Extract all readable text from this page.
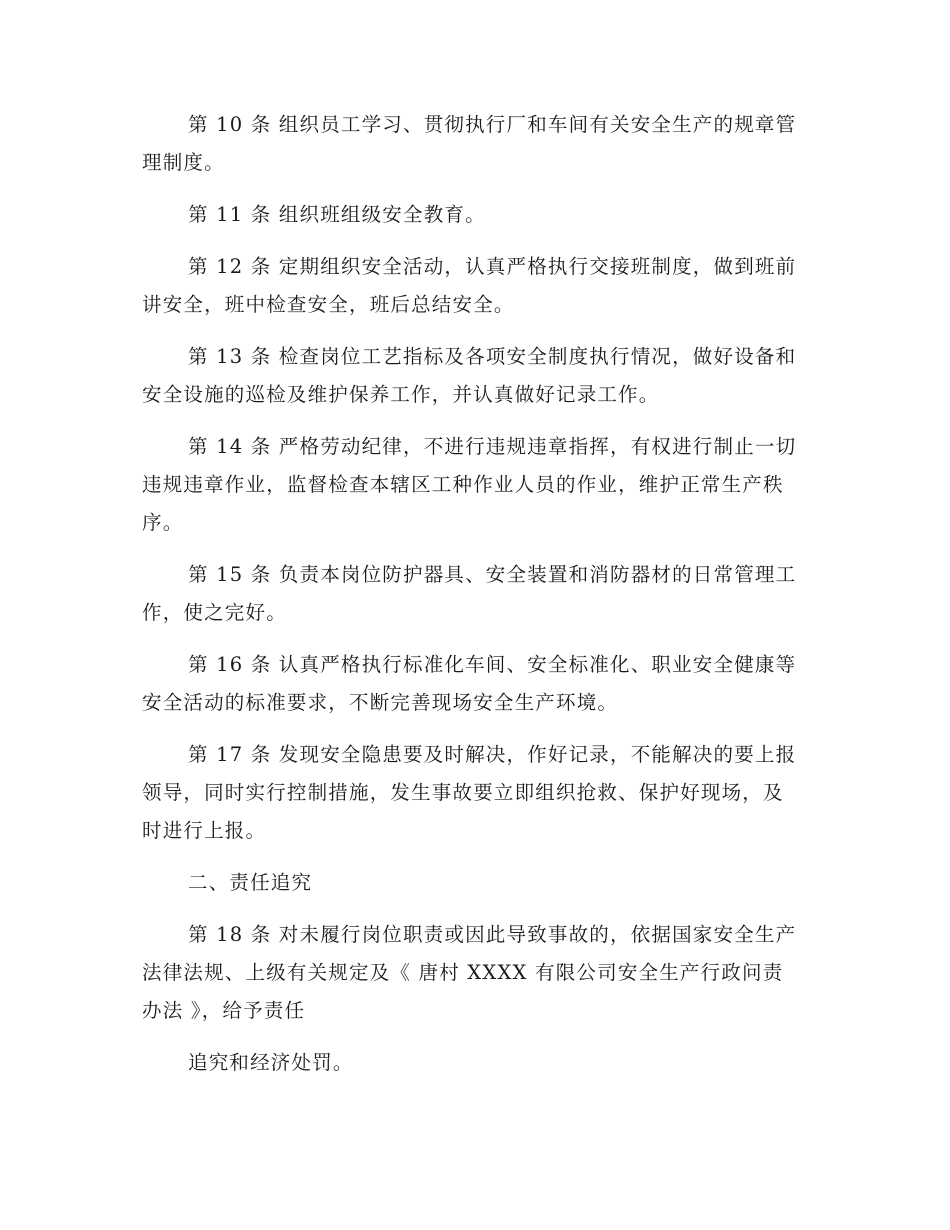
第 10 条 组织员工学习、贯彻执行厂和车间有关安全生产的规章管理制度。

第 11 条 组织班组级安全教育。

第 12 条 定期组织安全活动，认真严格执行交接班制度，做到班前讲安全，班中检查安全，班后总结安全。

第 13 条 检查岗位工艺指标及各项安全制度执行情况，做好设备和安全设施的巡检及维护保养工作，并认真做好记录工作。

第 14 条 严格劳动纪律，不进行违规违章指挥，有权进行制止一切违规违章作业，监督检查本辖区工种作业人员的作业，维护正常生产秩序。

第 15 条 负责本岗位防护器具、安全装置和消防器材的日常管理工作，使之完好。

第 16 条 认真严格执行标准化车间、安全标准化、职业安全健康等安全活动的标准要求，不断完善现场安全生产环境。

第 17 条 发现安全隐患要及时解决，作好记录，不能解决的要上报领导，同时实行控制措施，发生事故要立即组织抢救、保护好现场，及时进行上报。

二、责任追究

第 18 条 对未履行岗位职责或因此导致事故的，依据国家安全生产法律法规、上级有关规定及《 唐村 XXXX 有限公司安全生产行政问责办法 》，给予责任

追究和经济处罚。
